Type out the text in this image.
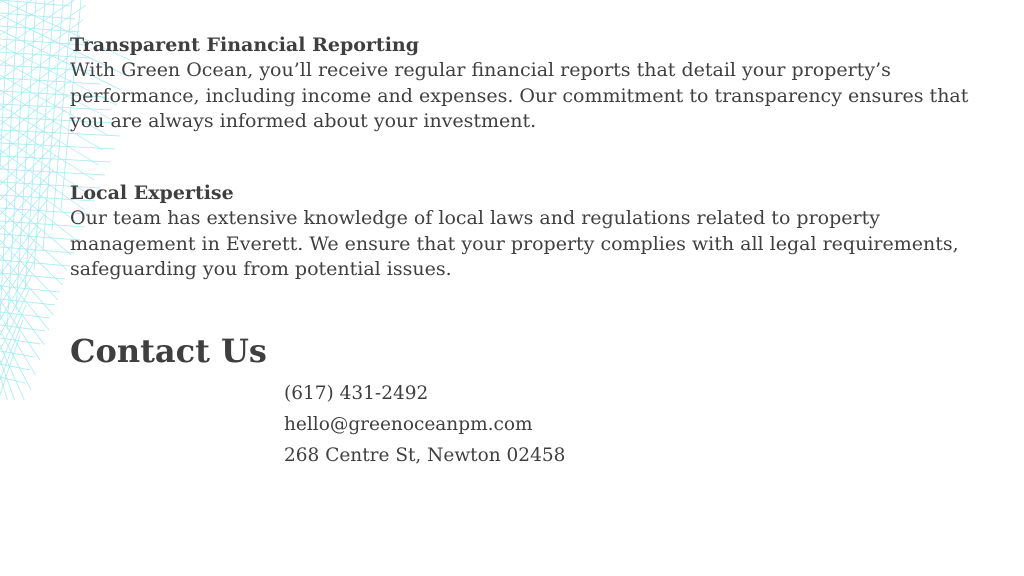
Transparent Financial Reporting

With Green Ocean, you’ll receive regular financial reports that detail your property’s performance, including income and expenses. Our commitment to transparency ensures that you are always informed about your investment.

Local Expertise

Our team has extensive knowledge of local laws and regulations related to property management in Everett. We ensure that your property complies with all legal requirements, safeguarding you from potential issues.

Contact Us
(617) 431-2492
hello@greenoceanpm.com
268 Centre St, Newton 02458
